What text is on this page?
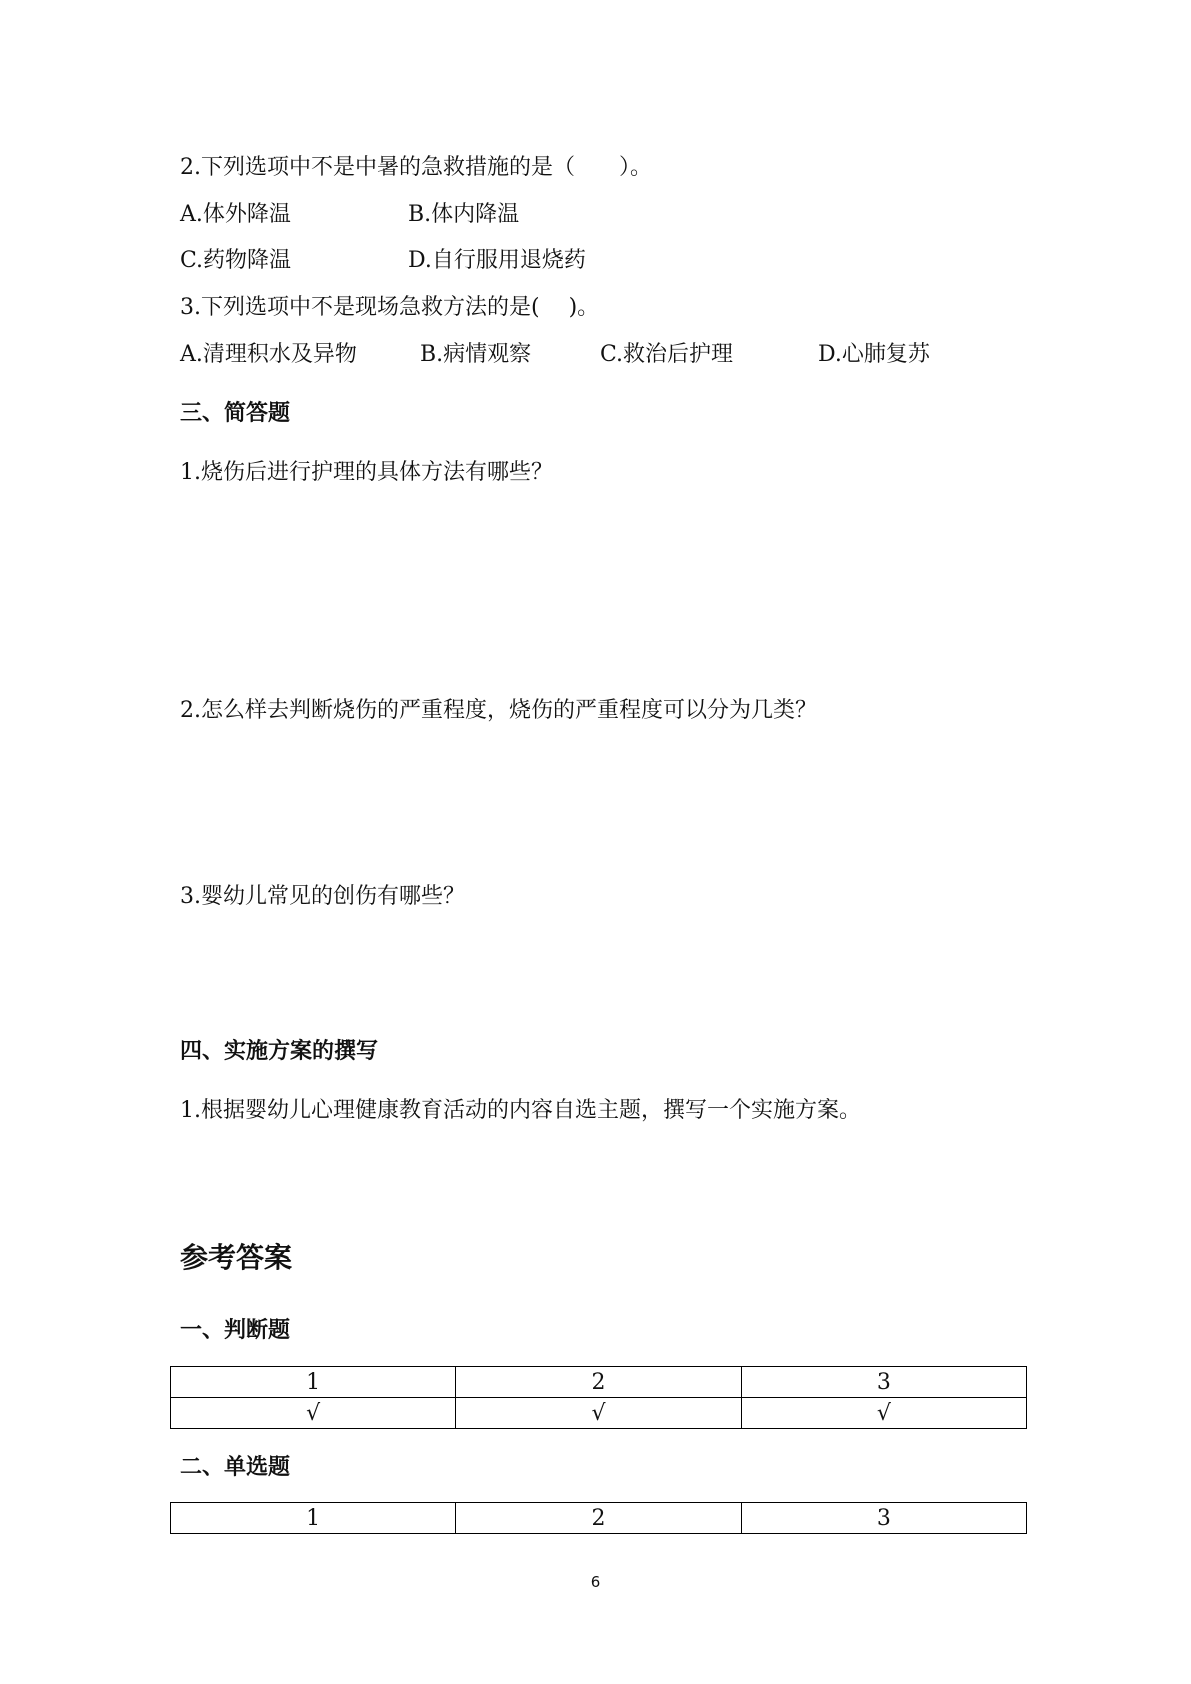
2.下列选项中不是中暑的急救措施的是（　　）。
A.体外降温	B.体内降温
C.药物降温	D.自行服用退烧药
3.下列选项中不是现场急救方法的是(　 )。
A.清理积水及异物	B.病情观察	C.救治后护理	D.心肺复苏
三、简答题
1.烧伤后进行护理的具体方法有哪些？
2.怎么样去判断烧伤的严重程度，烧伤的严重程度可以分为几类？
3.婴幼儿常见的创伤有哪些？
四、实施方案的撰写
1.根据婴幼儿心理健康教育活动的内容自选主题，撰写一个实施方案。
参考答案
一、判断题
1	2	3
√	√	√
二、单选题
1	2	3
6
